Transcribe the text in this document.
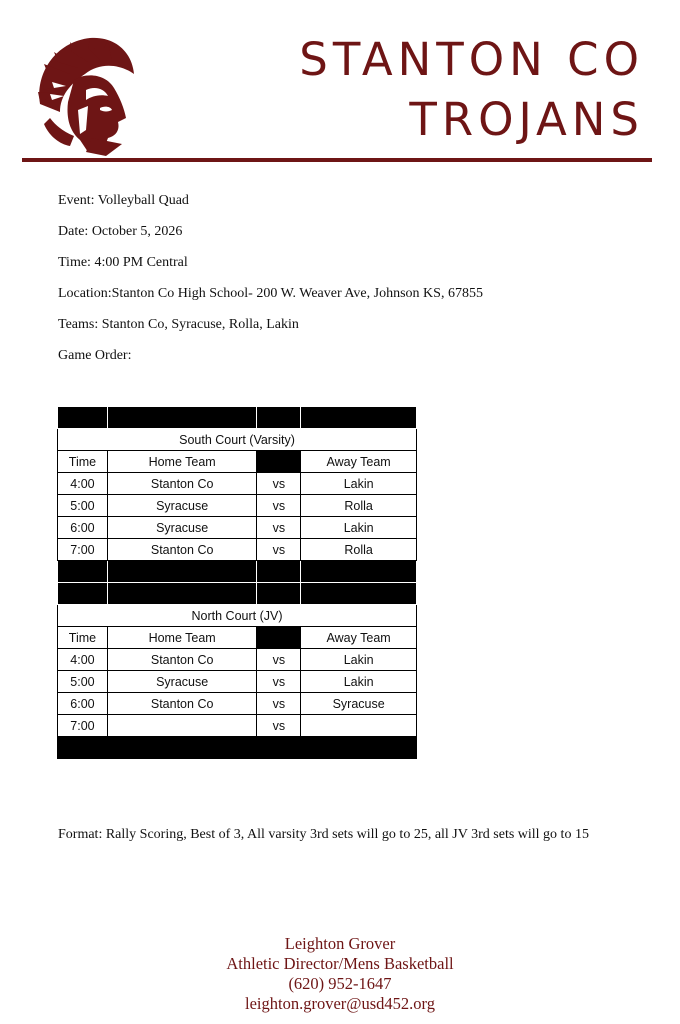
STANTON CO
TROJANS
Event: Volleyball Quad
Date: October 5, 2026
Time: 4:00 PM Central
Location:Stanton Co High School- 200 W. Weaver Ave, Johnson KS, 67855
Teams: Stanton Co, Syracuse, Rolla, Lakin
Game Order:

South Court (Varsity)			
Time	Home Team		Away Team
4:00	Stanton Co	vs	Lakin
5:00	Syracuse	vs	Rolla
6:00	Syracuse	vs	Lakin
7:00	Stanton Co	vs	Rolla

North Court (JV)			
Time	Home Team		Away Team
4:00	Stanton Co	vs	Lakin
5:00	Syracuse	vs	Lakin
6:00	Stanton Co	vs	Syracuse
7:00		vs	

Format: Rally Scoring, Best of 3, All varsity 3rd sets will go to 25, all JV 3rd sets will go to 15
Leighton Grover
Athletic Director/Mens Basketball
(620) 952-1647
leighton.grover@usd452.org
